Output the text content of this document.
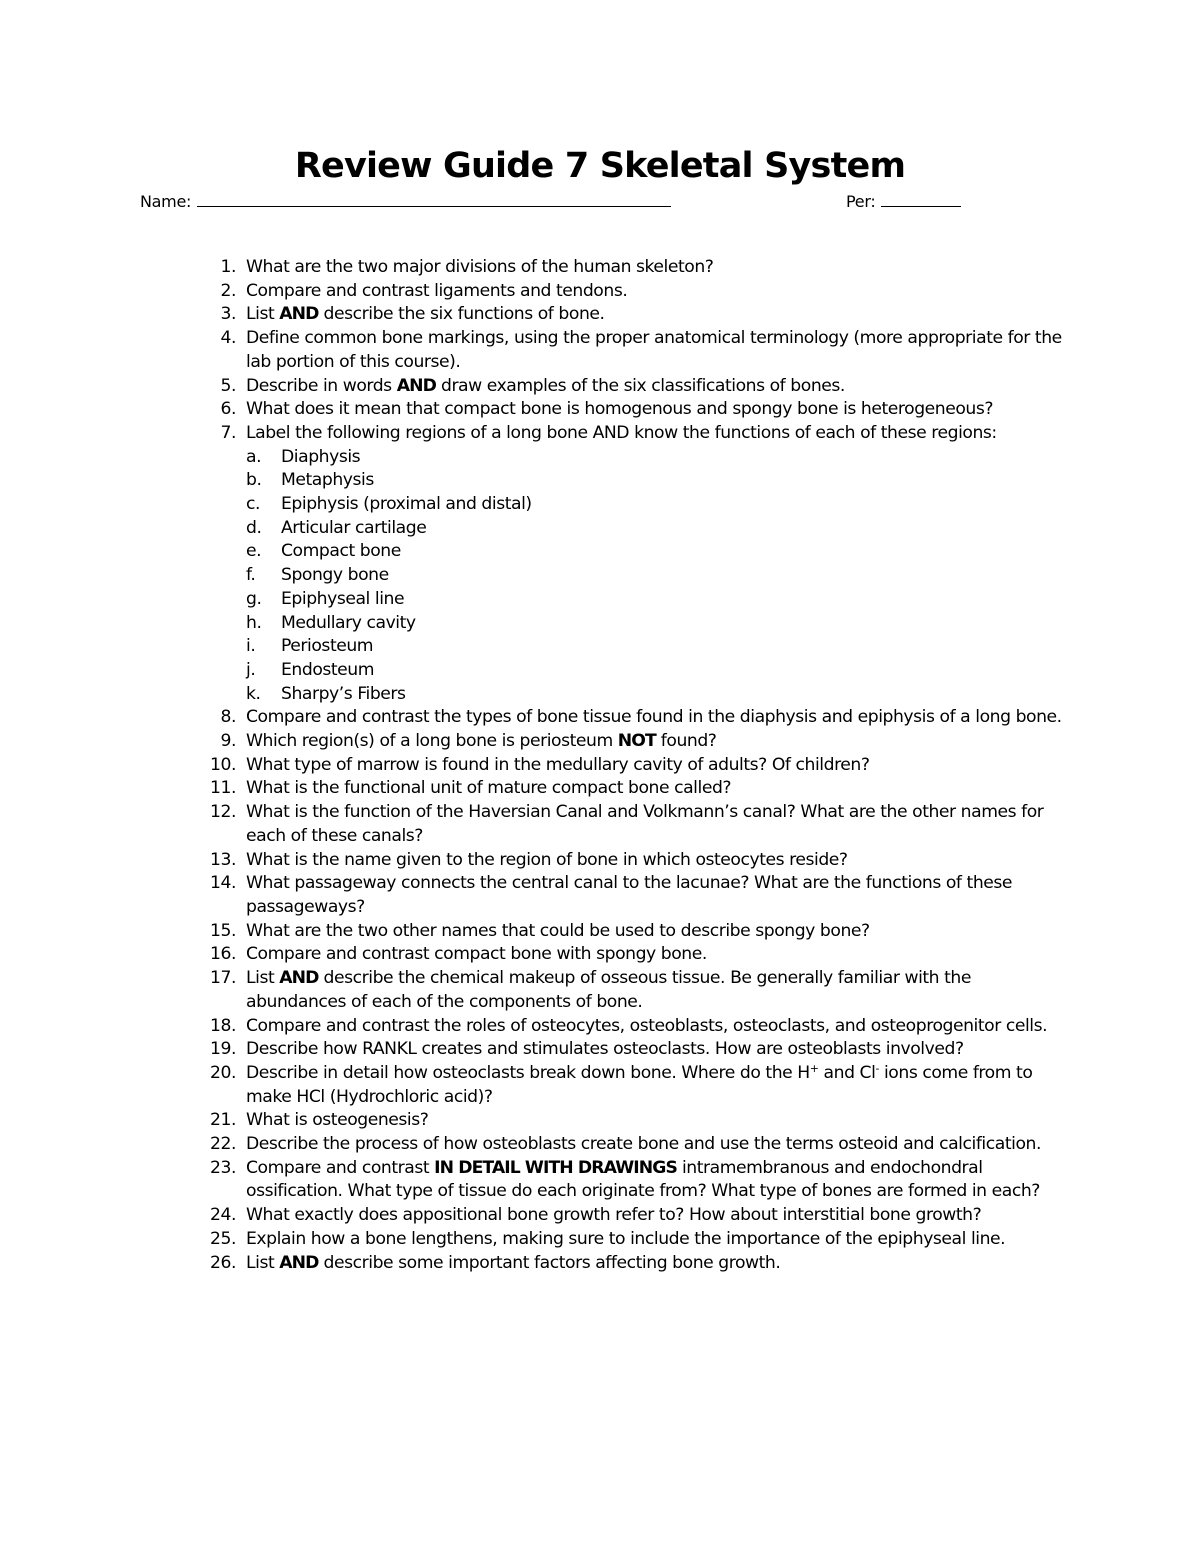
Review Guide 7 Skeletal System
Name:	Per:
1. What are the two major divisions of the human skeleton?
2. Compare and contrast ligaments and tendons.
3. List AND describe the six functions of bone.
4. Define common bone markings, using the proper anatomical terminology (more appropriate for the lab portion of this course).
5. Describe in words AND draw examples of the six classifications of bones.
6. What does it mean that compact bone is homogenous and spongy bone is heterogeneous?
7. Label the following regions of a long bone AND know the functions of each of these regions:
a. Diaphysis
b. Metaphysis
c. Epiphysis (proximal and distal)
d. Articular cartilage
e. Compact bone
f. Spongy bone
g. Epiphyseal line
h. Medullary cavity
i. Periosteum
j. Endosteum
k. Sharpy’s Fibers
8. Compare and contrast the types of bone tissue found in the diaphysis and epiphysis of a long bone.
9. Which region(s) of a long bone is periosteum NOT found?
10. What type of marrow is found in the medullary cavity of adults? Of children?
11. What is the functional unit of mature compact bone called?
12. What is the function of the Haversian Canal and Volkmann’s canal? What are the other names for each of these canals?
13. What is the name given to the region of bone in which osteocytes reside?
14. What passageway connects the central canal to the lacunae? What are the functions of these passageways?
15. What are the two other names that could be used to describe spongy bone?
16. Compare and contrast compact bone with spongy bone.
17. List AND describe the chemical makeup of osseous tissue. Be generally familiar with the abundances of each of the components of bone.
18. Compare and contrast the roles of osteocytes, osteoblasts, osteoclasts, and osteoprogenitor cells.
19. Describe how RANKL creates and stimulates osteoclasts. How are osteoblasts involved?
20. Describe in detail how osteoclasts break down bone. Where do the H+ and Cl- ions come from to make HCl (Hydrochloric acid)?
21. What is osteogenesis?
22. Describe the process of how osteoblasts create bone and use the terms osteoid and calcification.
23. Compare and contrast IN DETAIL WITH DRAWINGS intramembranous and endochondral ossification. What type of tissue do each originate from? What type of bones are formed in each?
24. What exactly does appositional bone growth refer to? How about interstitial bone growth?
25. Explain how a bone lengthens, making sure to include the importance of the epiphyseal line.
26. List AND describe some important factors affecting bone growth.
